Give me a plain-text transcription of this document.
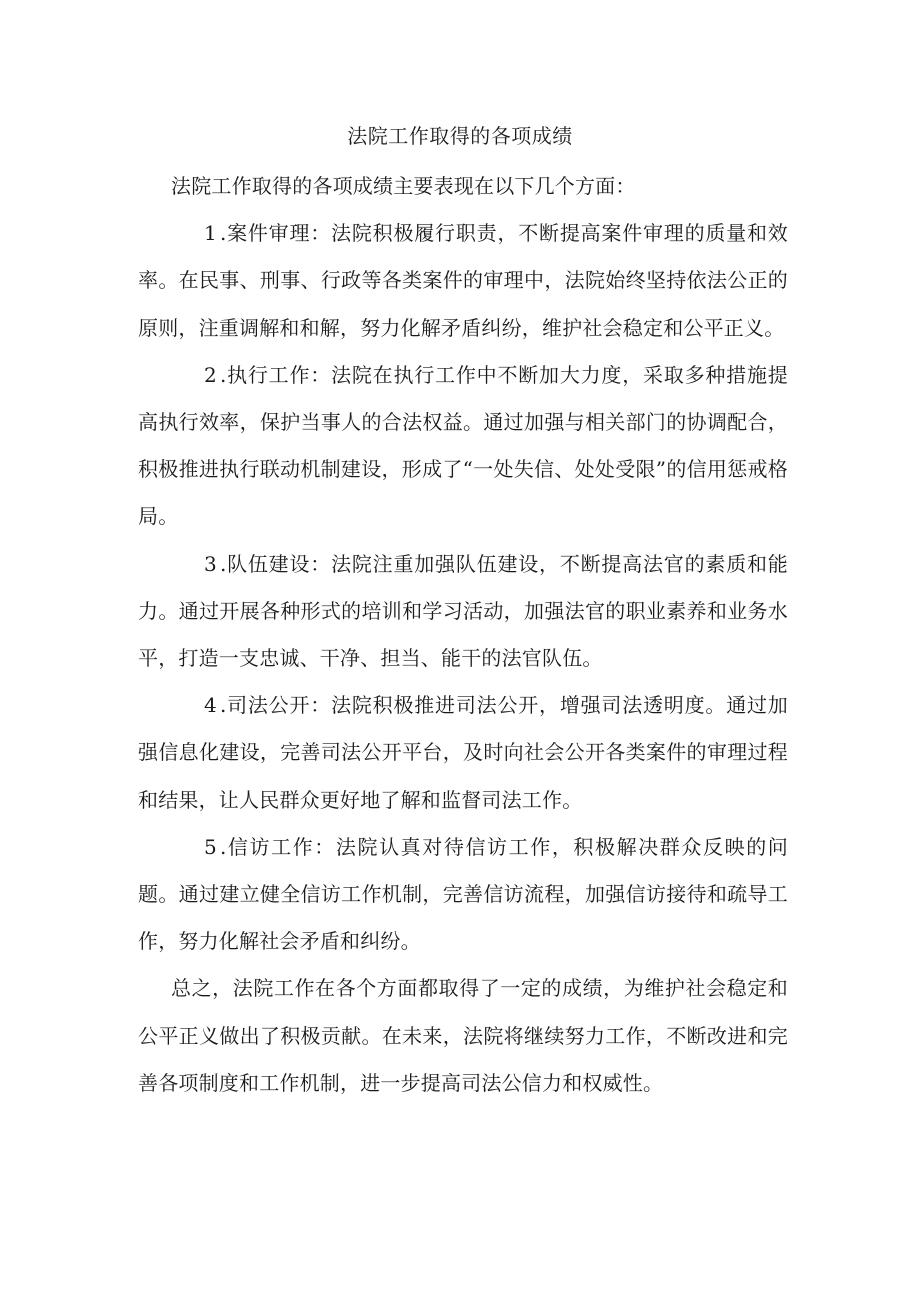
法院工作取得的各项成绩

法院工作取得的各项成绩主要表现在以下几个方面：

1 .案件审理：法院积极履行职责，不断提高案件审理的质量和效率。在民事、刑事、行政等各类案件的审理中，法院始终坚持依法公正的原则，注重调解和和解，努力化解矛盾纠纷，维护社会稳定和公平正义。

2 .执行工作：法院在执行工作中不断加大力度，采取多种措施提高执行效率，保护当事人的合法权益。通过加强与相关部门的协调配合，积极推进执行联动机制建设，形成了“一处失信、处处受限”的信用惩戒格局。

3 .队伍建设：法院注重加强队伍建设，不断提高法官的素质和能力。通过开展各种形式的培训和学习活动，加强法官的职业素养和业务水平，打造一支忠诚、干净、担当、能干的法官队伍。

4 .司法公开：法院积极推进司法公开，增强司法透明度。通过加强信息化建设，完善司法公开平台，及时向社会公开各类案件的审理过程和结果，让人民群众更好地了解和监督司法工作。

5 .信访工作：法院认真对待信访工作，积极解决群众反映的问题。通过建立健全信访工作机制，完善信访流程，加强信访接待和疏导工作，努力化解社会矛盾和纠纷。

总之，法院工作在各个方面都取得了一定的成绩，为维护社会稳定和公平正义做出了积极贡献。在未来，法院将继续努力工作，不断改进和完善各项制度和工作机制，进一步提高司法公信力和权威性。
